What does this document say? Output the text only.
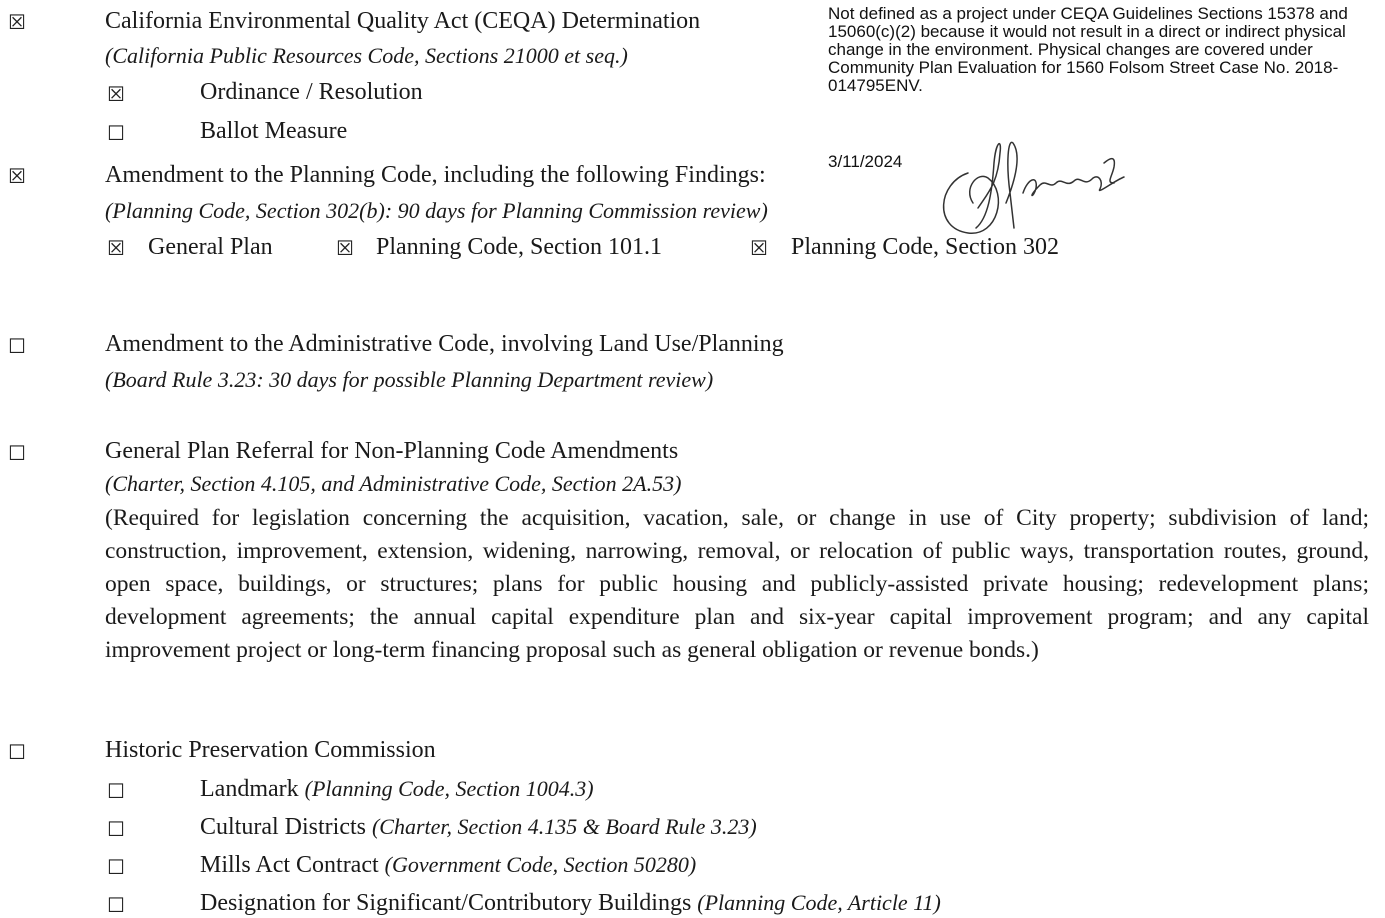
☒	California Environmental Quality Act (CEQA) Determination
(California Public Resources Code, Sections 21000 et seq.)
☒	Ordinance / Resolution
☐	Ballot Measure
Not defined as a project under CEQA Guidelines Sections 15378 and 15060(c)(2) because it would not result in a direct or indirect physical change in the environment. Physical changes are covered under Community Plan Evaluation for 1560 Folsom Street Case No. 2018-014795ENV.
3/11/2024
☒	Amendment to the Planning Code, including the following Findings:
(Planning Code, Section 302(b): 90 days for Planning Commission review)
☒ General Plan	☒ Planning Code, Section 101.1	☒ Planning Code, Section 302
☐	Amendment to the Administrative Code, involving Land Use/Planning
(Board Rule 3.23: 30 days for possible Planning Department review)
☐	General Plan Referral for Non-Planning Code Amendments
(Charter, Section 4.105, and Administrative Code, Section 2A.53)
(Required for legislation concerning the acquisition, vacation, sale, or change in use of City property; subdivision of land; construction, improvement, extension, widening, narrowing, removal, or relocation of public ways, transportation routes, ground, open space, buildings, or structures; plans for public housing and publicly-assisted private housing; redevelopment plans; development agreements; the annual capital expenditure plan and six-year capital improvement program; and any capital improvement project or long-term financing proposal such as general obligation or revenue bonds.)
☐	Historic Preservation Commission
☐	Landmark (Planning Code, Section 1004.3)
☐	Cultural Districts (Charter, Section 4.135 & Board Rule 3.23)
☐	Mills Act Contract (Government Code, Section 50280)
☐	Designation for Significant/Contributory Buildings (Planning Code, Article 11)
